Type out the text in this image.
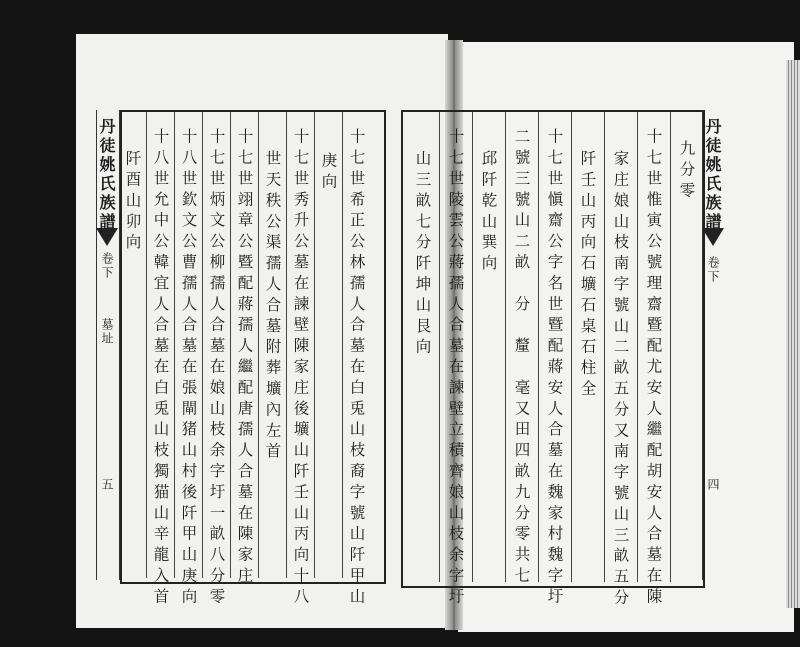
丹徒姚氏族譜
卷下
墓址
五	十七世希正公林孺人合墓在白兎山枝裔字號山阡甲山
庚向
十七世秀升公墓在諫壁陳家庄後壙山阡壬山丙向十八
世天秩公渠孺人合墓附葬壙內左首
十七世翊章公暨配蔣孺人繼配唐孺人合墓在陳家庄
十七世炳文公柳孺人合墓在娘山枝余字圩一畝八分零
十八世欽文公曹孺人合墓在張閘猪山村後阡甲山庚向
十八世允中公韓宜人合墓在白兎山枝獨猫山辛龍入首
阡酉山卯向	丹徒姚氏族譜
卷下
四
九分零
十七世惟寅公號理齋暨配尤安人繼配胡安人合墓在陳
家庄娘山枝南字號山二畝五分又南字號山三畝五分
阡壬山丙向石壙石桌石柱全
十七世愼齋公字名世暨配蔣安人合墓在魏家村魏字圩
二號三號山二畝　分　釐　毫又田四畝九分零共七
邱阡乾山巽向
十七世陵雲公蔣孺人合墓在諫壁立積齊娘山枝余字圩
山三畝七分阡坤山艮向
